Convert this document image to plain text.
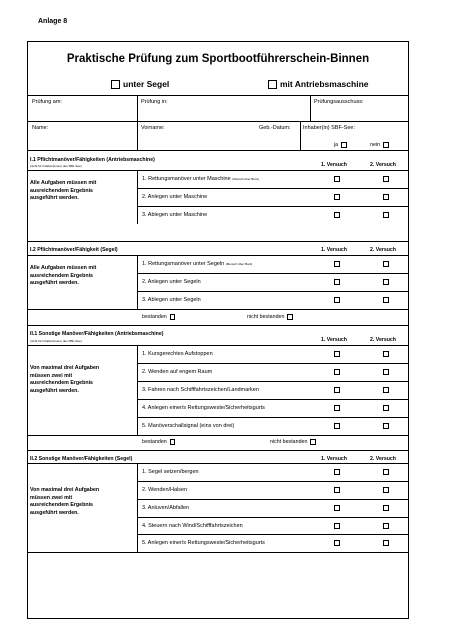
Anlage 8
Praktische Prüfung zum Sportbootführerschein-Binnen
unter Segel	mit Antriebsmaschine
Prüfung am:	Prüfung in:	Prüfungsausschuss:
Name:	Vorname:	Geb.-Datum: Inhaber(in) SBF-See:
ja	nein
I.1 Pflichtmanöver/Fähigkeiten (Antriebsmaschine)
(nicht für Inhaber(innen) des SBF-See)	1. Versuch	2. Versuch
Alle Aufgaben müssen mit ausreichendem Ergebnis ausgeführt werden.
1. Rettungsmanöver unter Maschine (Mensch über Bord)
2. Anlegen unter Maschine
3. Ablegen unter Maschine
I.2 Pflichtmanöver/Fähigkeit (Segel)	1. Versuch	2. Versuch
Alle Aufgaben müssen mit ausreichendem Ergebnis ausgeführt werden.
1. Rettungsmanöver unter Segeln (Mensch über Bord)
2. Anlegen unter Segeln
3. Ablegen unter Segeln
bestanden	nicht bestanden
II.1 Sonstige Manöver/Fähigkeiten (Antriebsmaschine)
(nicht für Inhaber(innen) des SBF-See)	1. Versuch	2. Versuch
Von maximal drei Aufgaben müssen zwei mit ausreichendem Ergebnis ausgeführt werden.
1. Kursgerechtes Aufstoppen
2. Wenden auf engem Raum
3. Fahren nach Schifffahrtszeichen/Landmarken
4. Anlegen einer/s Rettungsweste/Sicherheitsgurts
5. Manöverschallsignal (eins von drei)
bestanden	nicht bestanden
II.2 Sonstige Manöver/Fähigkeiten (Segel)	1. Versuch	2. Versuch
Von maximal drei Aufgaben müssen zwei mit ausreichendem Ergebnis ausgeführt werden.
1. Segel setzen/bergen
2. Wenden/Halsen
3. Anluven/Abfallen
4. Steuern nach Wind/Schifffahrtszeichen
5. Anlegen einer/s Rettungsweste/Sicherheitsgurts
